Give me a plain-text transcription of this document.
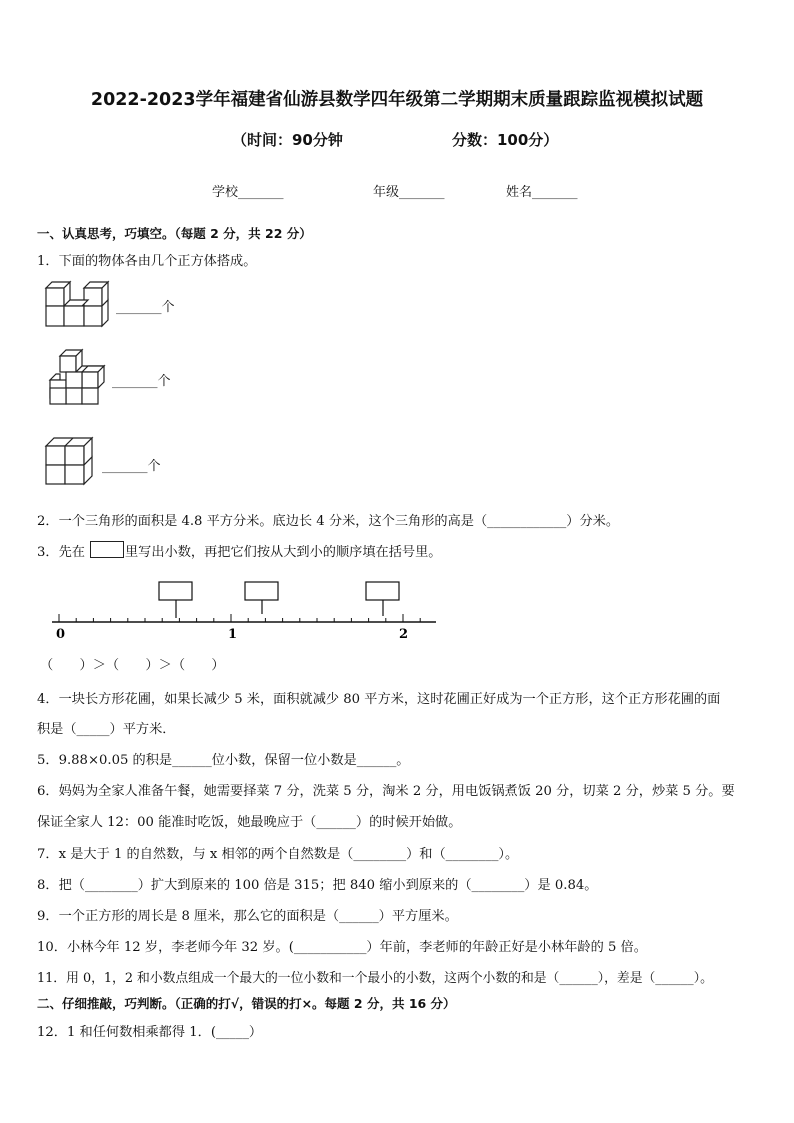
2022-2023学年福建省仙游县数学四年级第二学期期末质量跟踪监视模拟试题
（时间：90分钟	分数：100分）
学校_______	年级_______	姓名_______
一、认真思考，巧填空。（每题 2 分，共 22 分）
1．下面的物体各由几个正方体搭成。
_______个
_______个
_______个
2．一个三角形的面积是 4.8 平方分米。底边长 4 分米，这个三角形的高是（____________）分米。
3．先在	里写出小数，再把它们按从大到小的顺序填在括号里。
0	1	2
（　　）＞（　　）＞（　　）
4．一块长方形花圃，如果长减少 5 米，面积就减少 80 平方米，这时花圃正好成为一个正方形，这个正方形花圃的面
积是（_____）平方米．
5．9.88×0.05 的积是______位小数，保留一位小数是______。
6．妈妈为全家人准备午餐，她需要择菜 7 分，洗菜 5 分，淘米 2 分，用电饭锅煮饭 20 分，切菜 2 分，炒菜 5 分。要
保证全家人 12：00 能准时吃饭，她最晚应于（______）的时候开始做。
7．x 是大于 1 的自然数，与 x 相邻的两个自然数是（________）和（________）。
8．把（________）扩大到原来的 100 倍是 315；把 840 缩小到原来的（________）是 0.84。
9．一个正方形的周长是 8 厘米，那么它的面积是（______）平方厘米。
10．小林今年 12 岁，李老师今年 32 岁。(___________）年前，李老师的年龄正好是小林年龄的 5 倍。
11．用 0，1，2 和小数点组成一个最大的一位小数和一个最小的小数，这两个小数的和是（______），差是（______）。
二、仔细推敲，巧判断。（正确的打√，错误的打×。每题 2 分，共 16 分）
12．1 和任何数相乘都得 1．(_____）
